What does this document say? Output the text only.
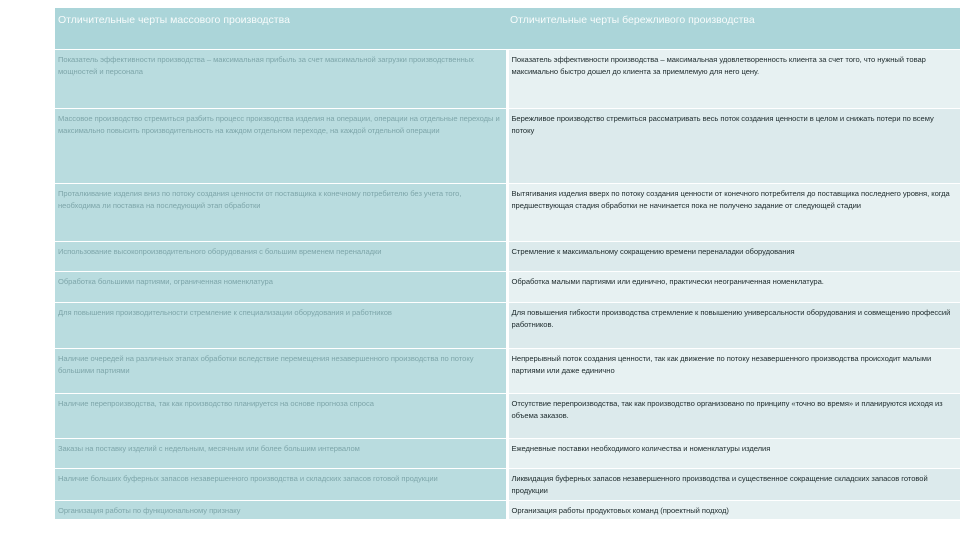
Отличительные черты массового производства	Отличительные черты бережливого производства
Показатель эффективности производства – максимальная прибыль за счет максимальной загрузки производственных мощностей и персонала	Показатель эффективности производства – максимальная удовлетворенность клиента за счет того, что нужный товар максимально быстро дошел до клиента за приемлемую для него цену.
Массовое производство стремиться разбить процесс производства изделия на операции, операции на отдельные переходы и максимально повысить производительность на каждом отдельном переходе, на каждой отдельной операции	Бережливое производство стремиться рассматривать весь поток создания ценности в целом и снижать потери по всему потоку
Проталкивание изделия вниз по потоку создания ценности от поставщика к конечному потребителю без учета того, необходима ли поставка на последующий этап обработки	Вытягивания изделия вверх по потоку создания ценности от конечного потребителя до поставщика последнего уровня, когда предшествующая стадия обработки не начинается пока не получено задание от следующей стадии
Использование высокопроизводительного оборудования с большим временем переналадки	Стремление к максимальному сокращению времени переналадки оборудования
Обработка большими партиями, ограниченная номенклатура	Обработка малыми партиями или единично, практически неограниченная номенклатура.
Для повышения производительности стремление к специализации оборудования и работников	Для повышения гибкости производства стремление к повышению универсальности оборудования и совмещению профессий работников.
Наличие очередей на различных этапах обработки вследствие перемещения незавершенного производства по потоку большими партиями	Непрерывный поток создания ценности, так как движение по потоку незавершенного производства происходит малыми партиями или даже единично
Наличие перепроизводства, так как производство планируется на основе прогноза спроса	Отсутствие перепроизводства, так как производство организовано по принципу «точно во время» и планируются исходя из объема заказов.
Заказы на поставку изделий с недельным, месячным или более большим интервалом	Ежедневные поставки необходимого количества и номенклатуры изделия
Наличие больших буферных запасов незавершенного производства и складских запасов готовой продукции	Ликвидация буферных запасов незавершенного производства и существенное сокращение складских запасов готовой продукции
Организация работы по функциональному признаку	Организация работы продуктовых команд (проектный подход)
